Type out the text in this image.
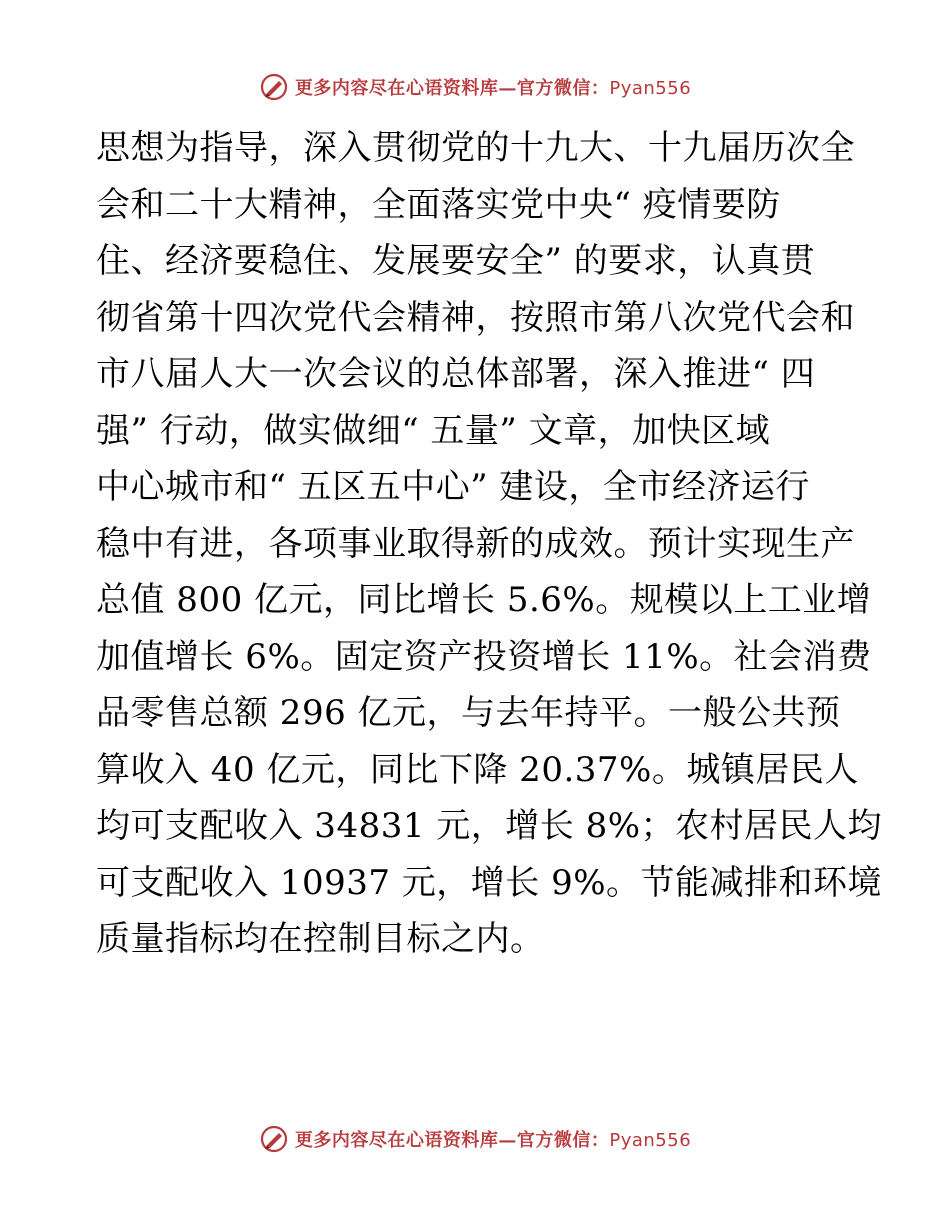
更多内容尽在心语资料库—官方微信：Pyan556
思想为指导，深入贯彻党的十九大、十九届历次全
会和二十大精神，全面落实党中央“ 疫情要防
住、经济要稳住、发展要安全” 的要求，认真贯
彻省第十四次党代会精神，按照市第八次党代会和
市八届人大一次会议的总体部署，深入推进“ 四
强” 行动，做实做细“ 五量” 文章，加快区域
中心城市和“ 五区五中心” 建设，全市经济运行
稳中有进，各项事业取得新的成效。预计实现生产
总值 800 亿元，同比增长 5.6%。规模以上工业增
加值增长 6%。固定资产投资增长 11%。社会消费
品零售总额 296 亿元，与去年持平。一般公共预
算收入 40 亿元，同比下降 20.37%。城镇居民人
均可支配收入 34831 元，增长 8%；农村居民人均
可支配收入 10937 元，增长 9%。节能减排和环境
质量指标均在控制目标之内。
更多内容尽在心语资料库—官方微信：Pyan556
